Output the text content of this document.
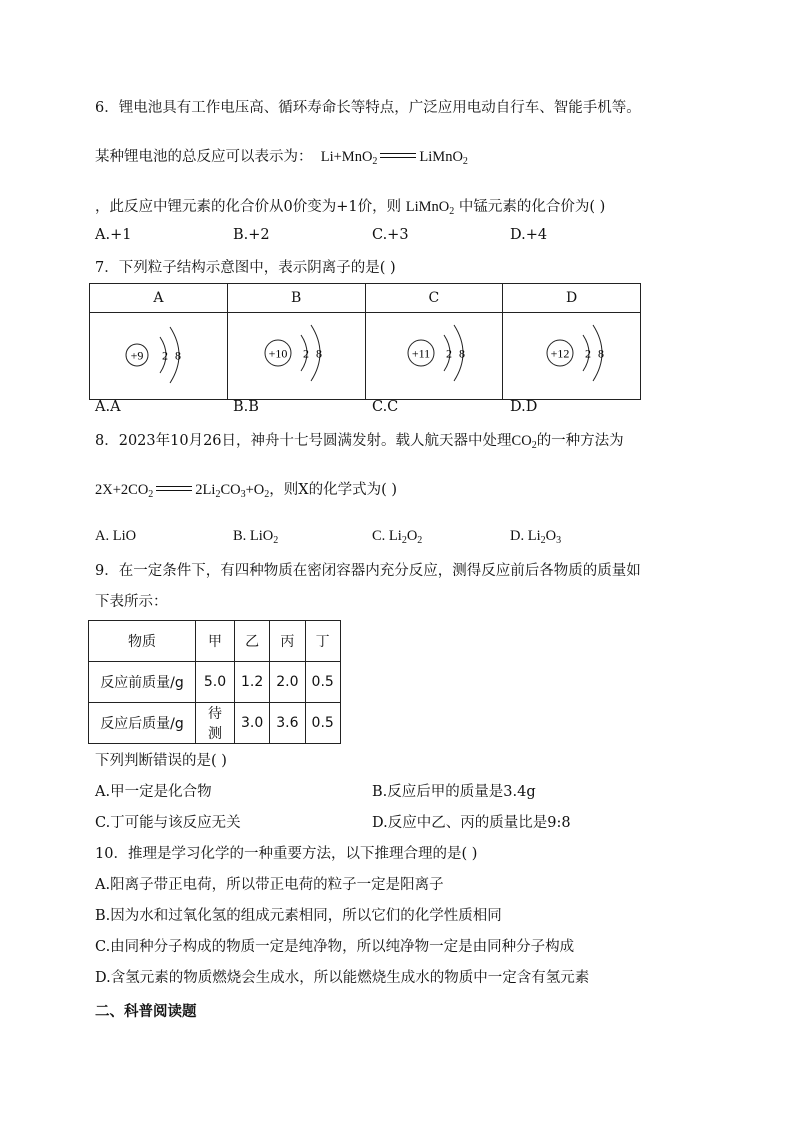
6．锂电池具有工作电压高、循环寿命长等特点，广泛应用电动自行车、智能手机等。
某种锂电池的总反应可以表示为： Li+MnO$_2$	LiMnO$_2$
，此反应中锂元素的化合价从0价变为+1价，则 LiMnO$_2$ 中锰元素的化合价为( )
A.+1	B.+2	C.+3	D.+4
7．下列粒子结构示意图中，表示阴离子的是( )
A	B	C	D

+9 2 8	+10 2 8	+11 2 8	+12 2 8
A.A	B.B	C.C	D.D
8．2023年10月26日，神舟十七号圆满发射。载人航天器中处理$CO_2$的一种方法为
$2X+2CO_2$	$2Li_2CO_3+O_2$，则X的化学式为( )
A. LiO	B. LiO$_2$	C. $Li_2O_2$	D. $Li_2O_3$
9．在一定条件下，有四种物质在密闭容器内充分反应，测得反应前后各物质的质量如
下表所示：
物质	甲	乙	丙	丁
反应前质量/g	5.0	1.2	2.0	0.5
反应后质量/g	待测	3.0	3.6	0.5
下列判断错误的是( )
A.甲一定是化合物	B.反应后甲的质量是3.4g
C.丁可能与该反应无关	D.反应中乙、丙的质量比是9:8
10．推理是学习化学的一种重要方法，以下推理合理的是( )
A.阳离子带正电荷，所以带正电荷的粒子一定是阳离子
B.因为水和过氧化氢的组成元素相同，所以它们的化学性质相同
C.由同种分子构成的物质一定是纯净物，所以纯净物一定是由同种分子构成
D.含氢元素的物质燃烧会生成水，所以能燃烧生成水的物质中一定含有氢元素
二、科普阅读题
